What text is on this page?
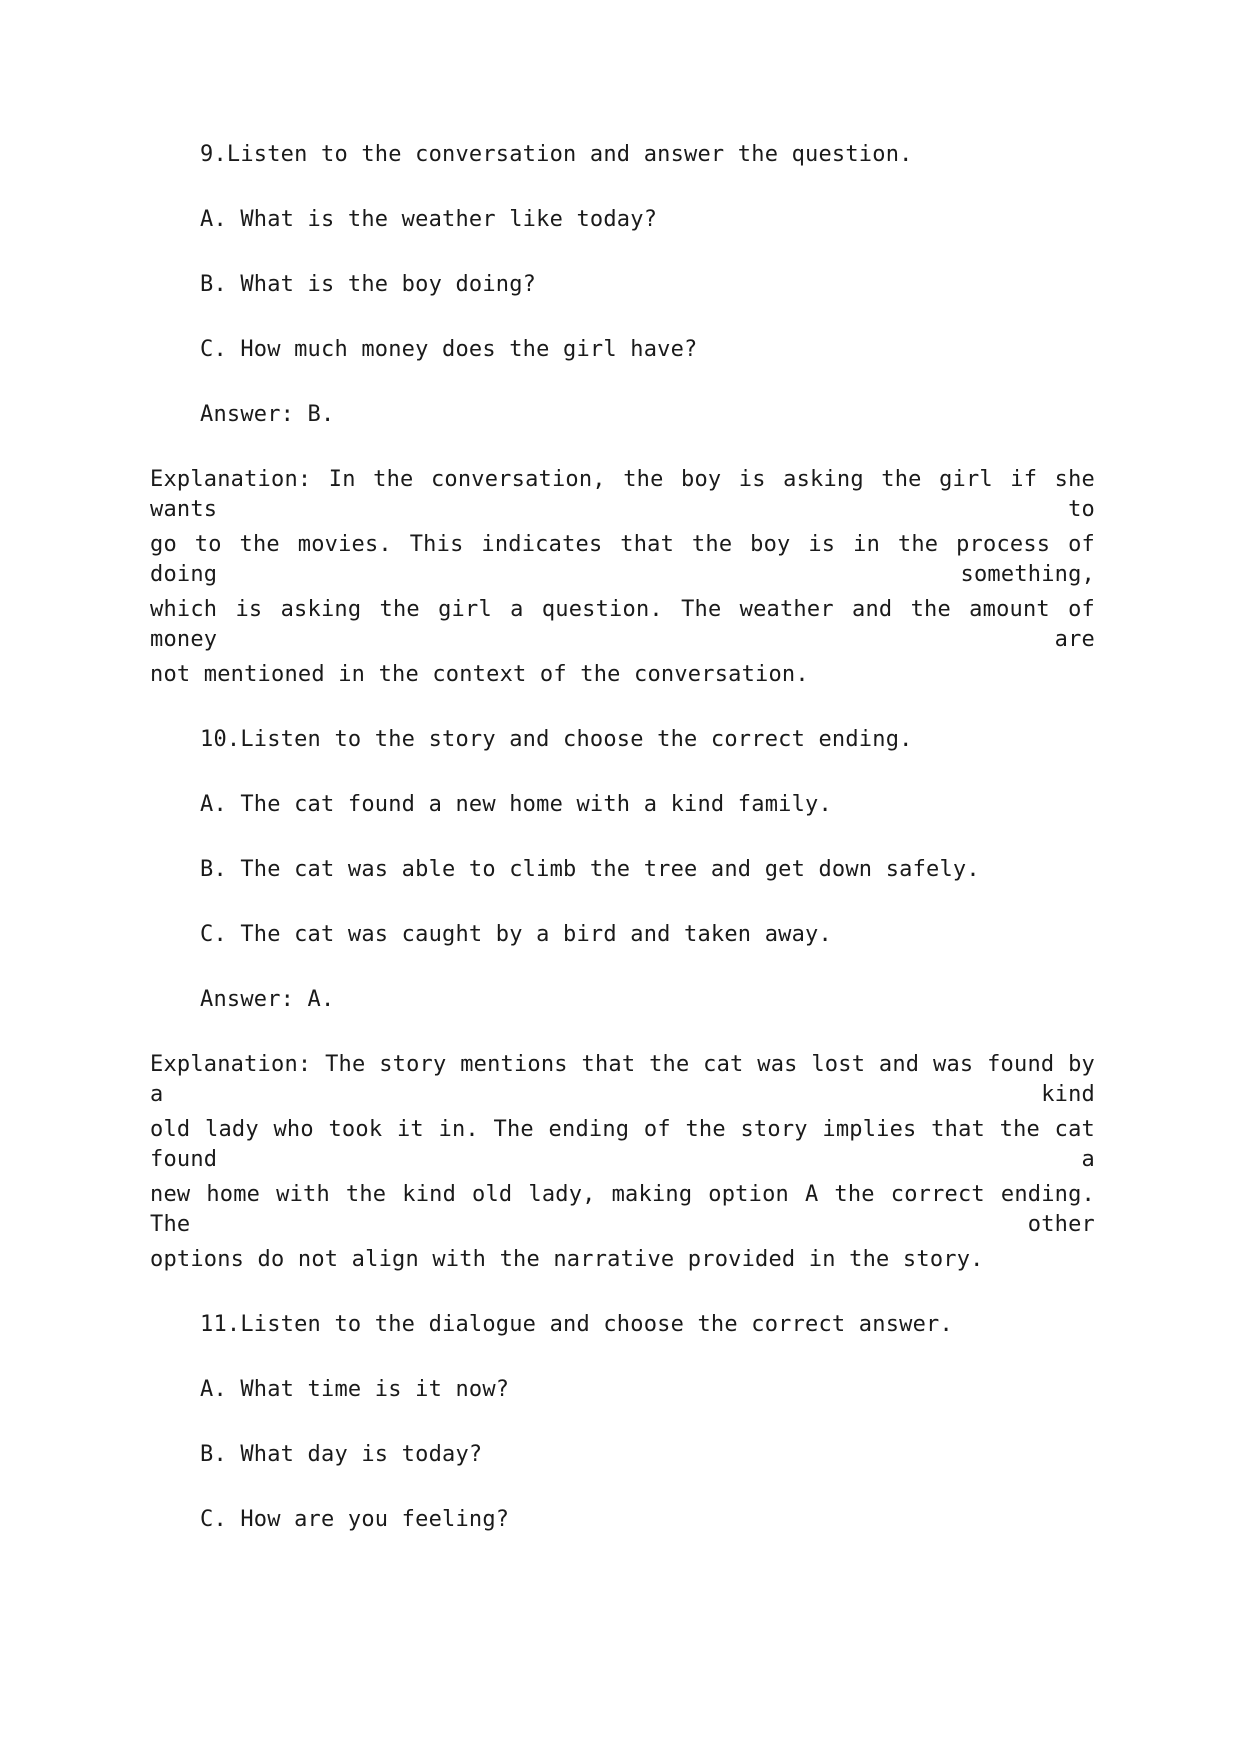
9.Listen to the conversation and answer the question.
A. What is the weather like today?
B. What is the boy doing?
C. How much money does the girl have?
Answer: B.
Explanation: In the conversation, the boy is asking the girl if she wants to
go to the movies. This indicates that the boy is in the process of doing something,
which is asking the girl a question. The weather and the amount of money are
not mentioned in the context of the conversation.
10.Listen to the story and choose the correct ending.
A. The cat found a new home with a kind family.
B. The cat was able to climb the tree and get down safely.
C. The cat was caught by a bird and taken away.
Answer: A.
Explanation: The story mentions that the cat was lost and was found by a kind
old lady who took it in. The ending of the story implies that the cat found a
new home with the kind old lady, making option A the correct ending. The other
options do not align with the narrative provided in the story.
11.Listen to the dialogue and choose the correct answer.
A. What time is it now?
B. What day is today?
C. How are you feeling?
